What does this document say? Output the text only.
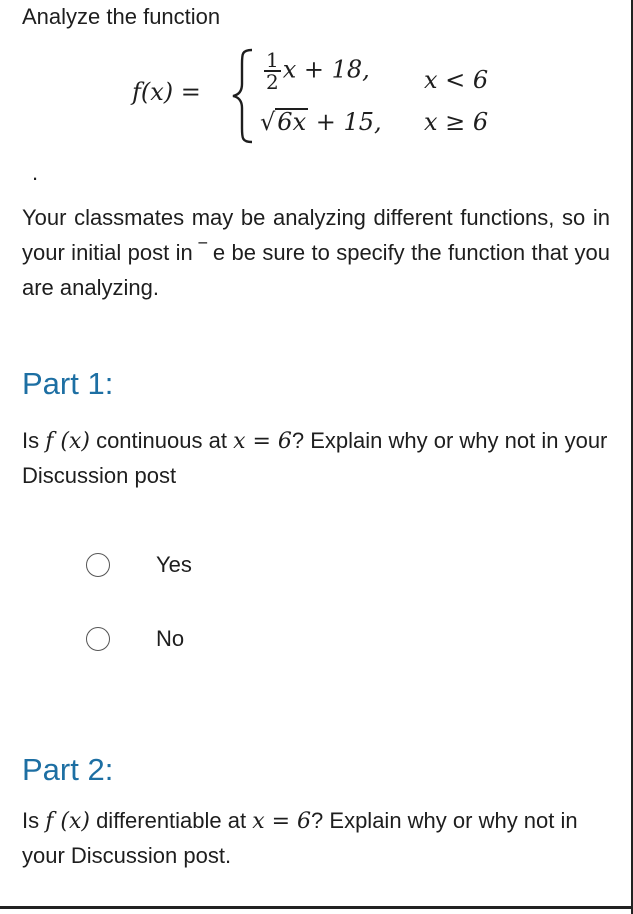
Analyze the function
f(x) =	$\frac{1}{2}$ x + 18, x < 6
√6x + 15, x ≥ 6
.
Your classmates may be analyzing different functions, so in your initial post in ‾ e be sure to specify the function that you are analyzing.
Part 1:
Is f (x) continuous at x = 6? Explain why or why not in your Discussion post
Yes
No
Part 2:
Is f (x) differentiable at x = 6? Explain why or why not in your Discussion post.
